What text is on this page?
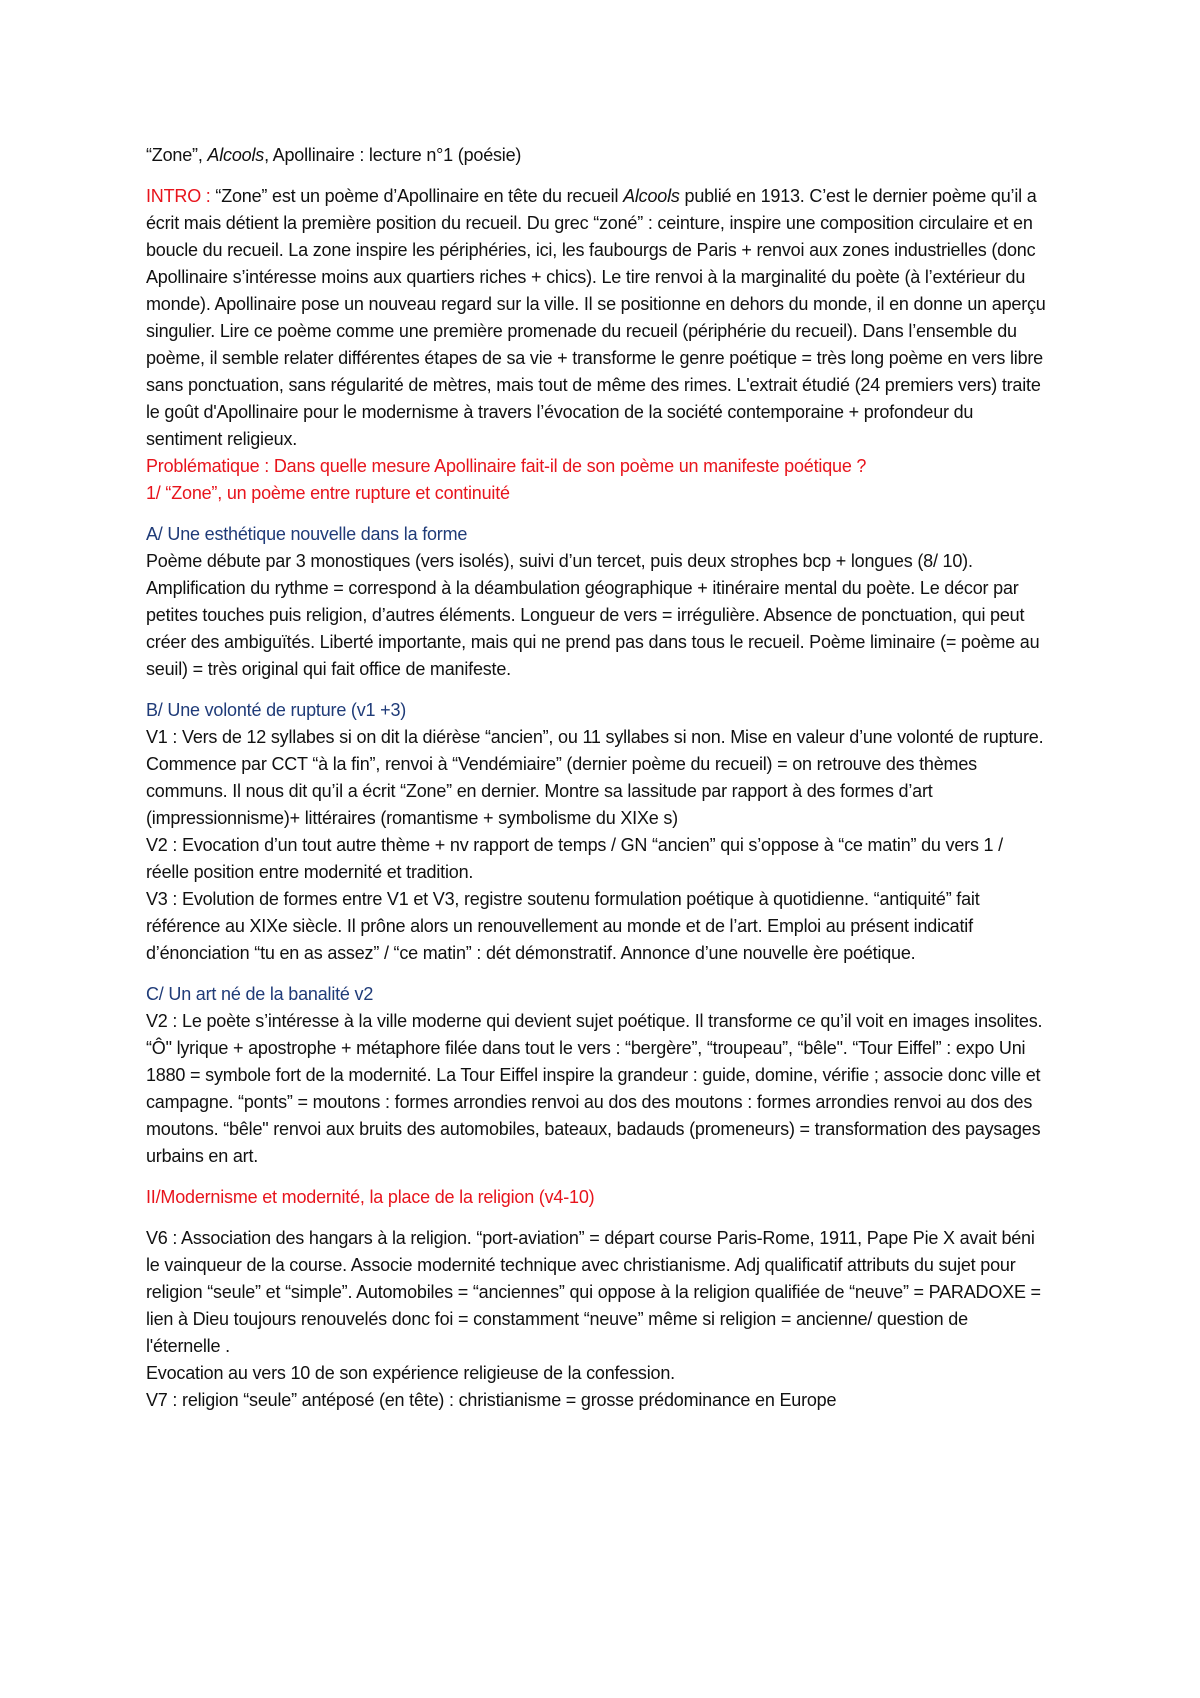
“Zone”, Alcools, Apollinaire : lecture n°1 (poésie)

INTRO : “Zone” est un poème d’Apollinaire en tête du recueil Alcools publié en 1913. C’est le dernier poème qu’il a écrit mais détient la première position du recueil. Du grec “zoné” : ceinture, inspire une composition circulaire et en boucle du recueil. La zone inspire les périphéries, ici, les faubourgs de Paris + renvoi aux zones industrielles (donc Apollinaire s’intéresse moins aux quartiers riches + chics). Le tire renvoi à la marginalité du poète (à l’extérieur du monde). Apollinaire pose un nouveau regard sur la ville. Il se positionne en dehors du monde, il en donne un aperçu singulier. Lire ce poème comme une première promenade du recueil (périphérie du recueil). Dans l’ensemble du poème, il semble relater différentes étapes de sa vie + transforme le genre poétique = très long poème en vers libre sans ponctuation, sans régularité de mètres, mais tout de même des rimes. L'extrait étudié (24 premiers vers) traite le goût d'Apollinaire pour le modernisme à travers l’évocation de la société contemporaine + profondeur du sentiment religieux.

Problématique : Dans quelle mesure Apollinaire fait-il de son poème un manifeste poétique ?

1/ “Zone”, un poème entre rupture et continuité

A/ Une esthétique nouvelle dans la forme

Poème débute par 3 monostiques (vers isolés), suivi d’un tercet, puis deux strophes bcp + longues (8/ 10). Amplification du rythme = correspond à la déambulation géographique + itinéraire mental du poète. Le décor par petites touches puis religion, d’autres éléments. Longueur de vers = irrégulière. Absence de ponctuation, qui peut créer des ambiguïtés. Liberté importante, mais qui ne prend pas dans tous le recueil. Poème liminaire (= poème au seuil) = très original qui fait office de manifeste.

B/ Une volonté de rupture (v1 +3)

V1 : Vers de 12 syllabes si on dit la diérèse “ancien”, ou 11 syllabes si non. Mise en valeur d’une volonté de rupture. Commence par CCT “à la fin”, renvoi à “Vendémiaire” (dernier poème du recueil) = on retrouve des thèmes communs. Il nous dit qu’il a écrit “Zone” en dernier. Montre sa lassitude par rapport à des formes d’art (impressionnisme)+ littéraires (romantisme + symbolisme du XIXe s)

V2 : Evocation d’un tout autre thème + nv rapport de temps / GN “ancien” qui s’oppose à “ce matin” du vers 1 / réelle position entre modernité et tradition.

V3 : Evolution de formes entre V1 et V3, registre soutenu formulation poétique à quotidienne. “antiquité” fait référence au XIXe siècle. Il prône alors un renouvellement au monde et de l’art. Emploi au présent indicatif d’énonciation “tu en as assez” / “ce matin” : dét démonstratif. Annonce d’une nouvelle ère poétique.

C/ Un art né de la banalité v2

V2 : Le poète s’intéresse à la ville moderne qui devient sujet poétique. Il transforme ce qu’il voit en images insolites. “Ô" lyrique + apostrophe + métaphore filée dans tout le vers : “bergère”, “troupeau”, “bêle". “Tour Eiffel” : expo Uni 1880 = symbole fort de la modernité. La Tour Eiffel inspire la grandeur : guide, domine, vérifie ; associe donc ville et campagne. “ponts” = moutons : formes arrondies renvoi au dos des moutons : formes arrondies renvoi au dos des moutons. “bêle" renvoi aux bruits des automobiles, bateaux, badauds (promeneurs) = transformation des paysages urbains en art.

II/Modernisme et modernité, la place de la religion (v4-10)

V6 : Association des hangars à la religion. “port-aviation” = départ course Paris-Rome, 1911, Pape Pie X avait béni le vainqueur de la course. Associe modernité technique avec christianisme. Adj qualificatif attributs du sujet pour religion “seule” et “simple”. Automobiles = “anciennes” qui oppose à la religion qualifiée de “neuve” = PARADOXE = lien à Dieu toujours renouvelés donc foi = constamment “neuve” même si religion = ancienne/ question de l'éternelle .

Evocation au vers 10 de son expérience religieuse de la confession.

V7 : religion “seule” antéposé (en tête) : christianisme = grosse prédominance en Europe
